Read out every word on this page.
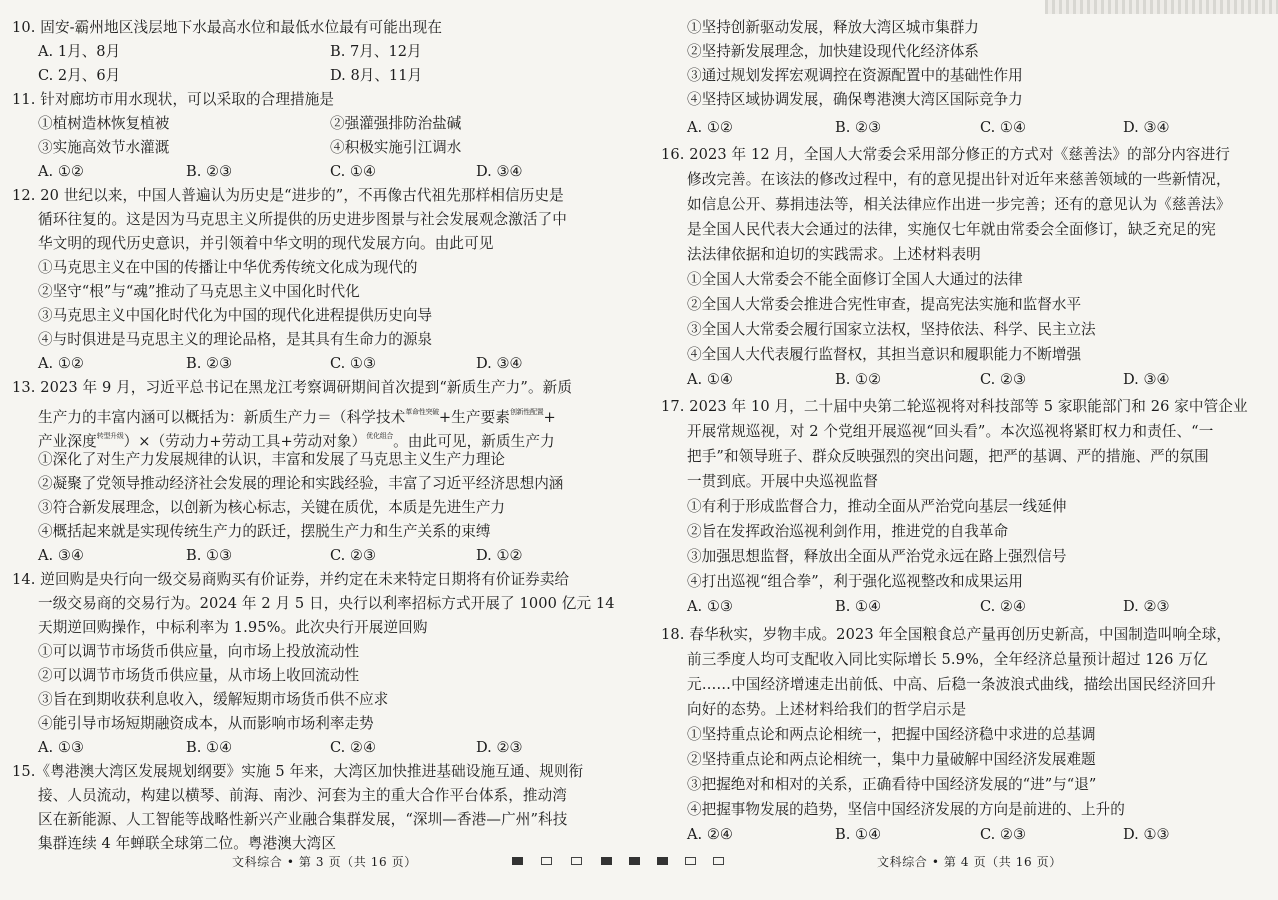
10. 固安-霸州地区浅层地下水最高水位和最低水位最有可能出现在
A. 1月、8月	B. 7月、12月
C. 2月、6月	D. 8月、11月
11. 针对廊坊市用水现状，可以采取的合理措施是
①植树造林恢复植被	②强灌强排防治盐碱
③实施高效节水灌溉	④积极实施引江调水
A. ①②	B. ②③	C. ①④	D. ③④
12. 20 世纪以来，中国人普遍认为历史是“进步的”，不再像古代祖先那样相信历史是
循环往复的。这是因为马克思主义所提供的历史进步图景与社会发展观念激活了中
华文明的现代历史意识，并引领着中华文明的现代发展方向。由此可见
①马克思主义在中国的传播让中华优秀传统文化成为现代的
②坚守“根”与“魂”推动了马克思主义中国化时代化
③马克思主义中国化时代化为中国的现代化进程提供历史向导
④与时俱进是马克思主义的理论品格，是其具有生命力的源泉
A. ①②	B. ②③	C. ①③	D. ③④
13. 2023 年 9 月，习近平总书记在黑龙江考察调研期间首次提到“新质生产力”。新质
生产力的丰富内涵可以概括为：新质生产力＝（科学技术$^{革命性突破}$+生产要素$^{创新性配置}$+
产业深度$^{转型升级}$）×（劳动力+劳动工具+劳动对象）$^{优化组合}$。由此可见，新质生产力
①深化了对生产力发展规律的认识，丰富和发展了马克思主义生产力理论
②凝聚了党领导推动经济社会发展的理论和实践经验，丰富了习近平经济思想内涵
③符合新发展理念，以创新为核心标志，关键在质优，本质是先进生产力
④概括起来就是实现传统生产力的跃迁，摆脱生产力和生产关系的束缚
A. ③④	B. ①③	C. ②③	D. ①②
14. 逆回购是央行向一级交易商购买有价证券，并约定在未来特定日期将有价证券卖给
一级交易商的交易行为。2024 年 2 月 5 日，央行以利率招标方式开展了 1000 亿元 14
天期逆回购操作，中标利率为 1.95%。此次央行开展逆回购
①可以调节市场货币供应量，向市场上投放流动性
②可以调节市场货币供应量，从市场上收回流动性
③旨在到期收获利息收入，缓解短期市场货币供不应求
④能引导市场短期融资成本，从而影响市场利率走势
A. ①③	B. ①④	C. ②④	D. ②③
15.《粤港澳大湾区发展规划纲要》实施 5 年来，大湾区加快推进基础设施互通、规则衔
接、人员流动，构建以横琴、前海、南沙、河套为主的重大合作平台体系，推动湾
区在新能源、人工智能等战略性新兴产业融合集群发展，“深圳—香港—广州”科技
集群连续 4 年蝉联全球第二位。粤港澳大湾区
文科综合 • 第 3 页（共 16 页）
①坚持创新驱动发展，释放大湾区城市集群力
②坚持新发展理念，加快建设现代化经济体系
③通过规划发挥宏观调控在资源配置中的基础性作用
④坚持区域协调发展，确保粤港澳大湾区国际竞争力
A. ①②	B. ②③	C. ①④	D. ③④
16. 2023 年 12 月，全国人大常委会采用部分修正的方式对《慈善法》的部分内容进行
修改完善。在该法的修改过程中，有的意见提出针对近年来慈善领域的一些新情况，
如信息公开、募捐违法等，相关法律应作出进一步完善；还有的意见认为《慈善法》
是全国人民代表大会通过的法律，实施仅七年就由常委会全面修订，缺乏充足的宪
法法律依据和迫切的实践需求。上述材料表明
①全国人大常委会不能全面修订全国人大通过的法律
②全国人大常委会推进合宪性审查，提高宪法实施和监督水平
③全国人大常委会履行国家立法权，坚持依法、科学、民主立法
④全国人大代表履行监督权，其担当意识和履职能力不断增强
A. ①④	B. ①②	C. ②③	D. ③④
17. 2023 年 10 月，二十届中央第二轮巡视将对科技部等 5 家职能部门和 26 家中管企业
开展常规巡视，对 2 个党组开展巡视“回头看”。本次巡视将紧盯权力和责任、“一
把手”和领导班子、群众反映强烈的突出问题，把严的基调、严的措施、严的氛围
一贯到底。开展中央巡视监督
①有利于形成监督合力，推动全面从严治党向基层一线延伸
②旨在发挥政治巡视利剑作用，推进党的自我革命
③加强思想监督，释放出全面从严治党永远在路上强烈信号
④打出巡视“组合拳”，利于强化巡视整改和成果运用
A. ①③	B. ①④	C. ②④	D. ②③
18. 春华秋实，岁物丰成。2023 年全国粮食总产量再创历史新高，中国制造叫响全球，
前三季度人均可支配收入同比实际增长 5.9%，全年经济总量预计超过 126 万亿
元……中国经济增速走出前低、中高、后稳一条波浪式曲线，描绘出国民经济回升
向好的态势。上述材料给我们的哲学启示是
①坚持重点论和两点论相统一，把握中国经济稳中求进的总基调
②坚持重点论和两点论相统一，集中力量破解中国经济发展难题
③把握绝对和相对的关系，正确看待中国经济发展的“进”与“退”
④把握事物发展的趋势，坚信中国经济发展的方向是前进的、上升的
A. ②④	B. ①④	C. ②③	D. ①③
文科综合 • 第 4 页（共 16 页）
